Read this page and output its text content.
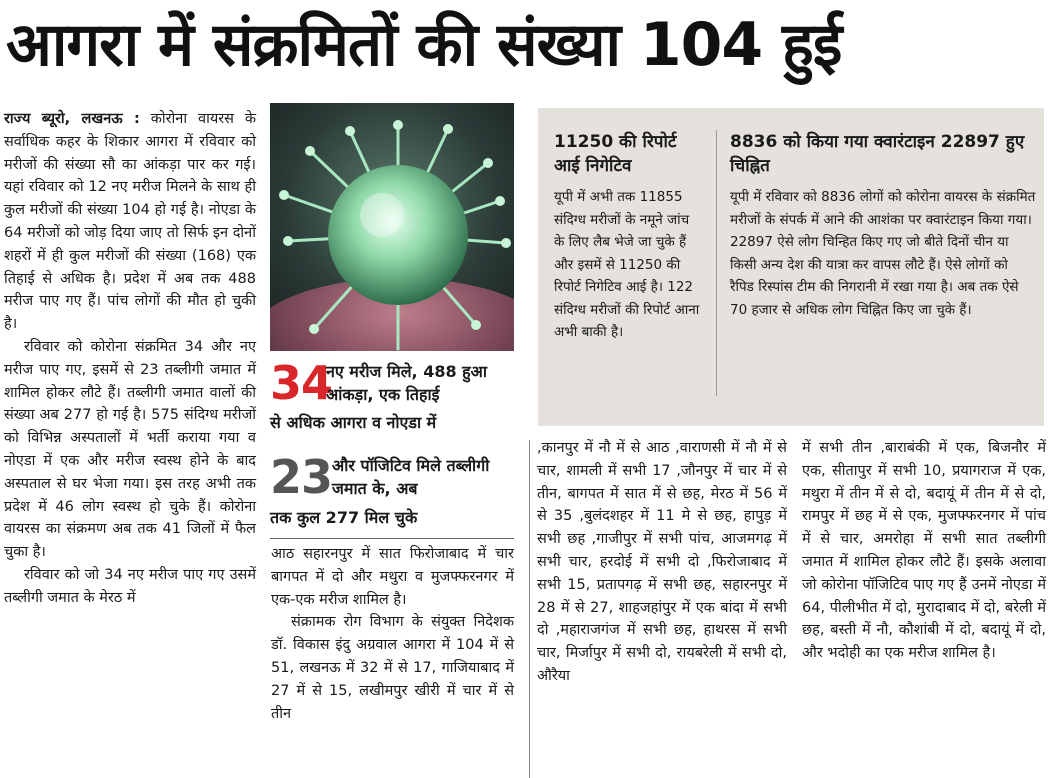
आगरा में संक्रमितों की संख्या 104 हुई

राज्य ब्यूरो, लखनऊ : कोरोना वायरस के सर्वाधिक कहर के शिकार आगरा में रविवार को मरीजों की संख्या सौ का आंकड़ा पार कर गई। यहां रविवार को 12 नए मरीज मिलने के साथ ही कुल मरीजों की संख्या 104 हो गई है। नोएडा के 64 मरीजों को जोड़ दिया जाए तो सिर्फ इन दोनों शहरों में ही कुल मरीजों की संख्या (168) एक तिहाई से अधिक है। प्रदेश में अब तक 488 मरीज पाए गए हैं। पांच लोगों की मौत हो चुकी है।

रविवार को कोरोना संक्रमित 34 और नए मरीज पाए गए, इसमें से 23 तब्लीगी जमात में शामिल होकर लौटे हैं। तब्लीगी जमात वालों की संख्या अब 277 हो गई है। 575 संदिग्ध मरीजों को विभिन्न अस्पतालों में भर्ती कराया गया व नोएडा में एक और मरीज स्वस्थ होने के बाद अस्पताल से घर भेजा गया। इस तरह अभी तक प्रदेश में 46 लोग स्वस्थ हो चुके हैं। कोरोना वायरस का संक्रमण अब तक 41 जिलों में फैल चुका है।

रविवार को जो 34 नए मरीज पाए गए उसमें तब्लीगी जमात के मेरठ में

34
नए मरीज मिले, 488 हुआ आंकड़ा, एक तिहाई
से अधिक आगरा व नोएडा में
23 और पॉजिटिव मिले तब्लीगी जमात के, अब
तक कुल 277 मिल चुके

आठ सहारनपुर में सात फिरोजाबाद में चार बागपत में दो और मथुरा व मुजफ्फरनगर में एक-एक मरीज शामिल है।

संक्रामक रोग विभाग के संयुक्त निदेशक डॉ. विकास इंदु अग्रवाल आगरा में 104 में से 51, लखनऊ में 32 में से 17, गाजियाबाद में 27 में से 15, लखीमपुर खीरी में चार में से तीन

11250 की रिपोर्ट आई निगेटिव

यूपी में अभी तक 11855 संदिग्ध मरीजों के नमूने जांच के लिए लैब भेजे जा चुके हैं और इसमें से 11250 की रिपोर्ट निगेटिव आई है। 122 संदिग्ध मरीजों की रिपोर्ट आना अभी बाकी है।

8836 को किया गया क्वारंटाइन 22897 हुए चिह्नित

यूपी में रविवार को 8836 लोगों को कोरोना वायरस के संक्रमित मरीजों के संपर्क में आने की आशंका पर क्वारंटाइन किया गया। 22897 ऐसे लोग चिन्हित किए गए जो बीते दिनों चीन या किसी अन्य देश की यात्रा कर वापस लौटे हैं। ऐसे लोगों को रैपिड रिस्पांस टीम की निगरानी में रखा गया है। अब तक ऐसे 70 हजार से अधिक लोग चिह्नित किए जा चुके हैं।

,कानपुर में नौ में से आठ ,वाराणसी में नौ में से चार, शामली में सभी 17 ,जौनपुर में चार में से तीन, बागपत में सात में से छह, मेरठ में 56 में से 35 ,बुलंदशहर में 11 मे से छह, हापुड़ में सभी छह ,गाजीपुर में सभी पांच, आजमगढ़ में सभी चार, हरदोई में सभी दो ,फिरोजाबाद में सभी 15, प्रतापगढ़ में सभी छह, सहारनपुर में 28 में से 27, शाहजहांपुर में एक बांदा में सभी दो ,महाराजगंज में सभी छह, हाथरस में सभी चार, मिर्जापुर में सभी दो, रायबरेली में सभी दो, औरैया

में सभी तीन ,बाराबंकी में एक, बिजनौर में एक, सीतापुर में सभी 10, प्रयागराज में एक, मथुरा में तीन में से दो, बदायूं में तीन में से दो, रामपुर में छह में से एक, मुजफ्फरनगर में पांच में से चार, अमरोहा में सभी सात तब्लीगी जमात में शामिल होकर लौटे हैं। इसके अलावा जो कोरोना पॉजिटिव पाए गए हैं उनमें नोएडा में 64, पीलीभीत में दो, मुरादाबाद में दो, बरेली में छह, बस्ती में नौ, कौशांबी में दो, बदायूं में दो, और भदोही का एक मरीज शामिल है।
